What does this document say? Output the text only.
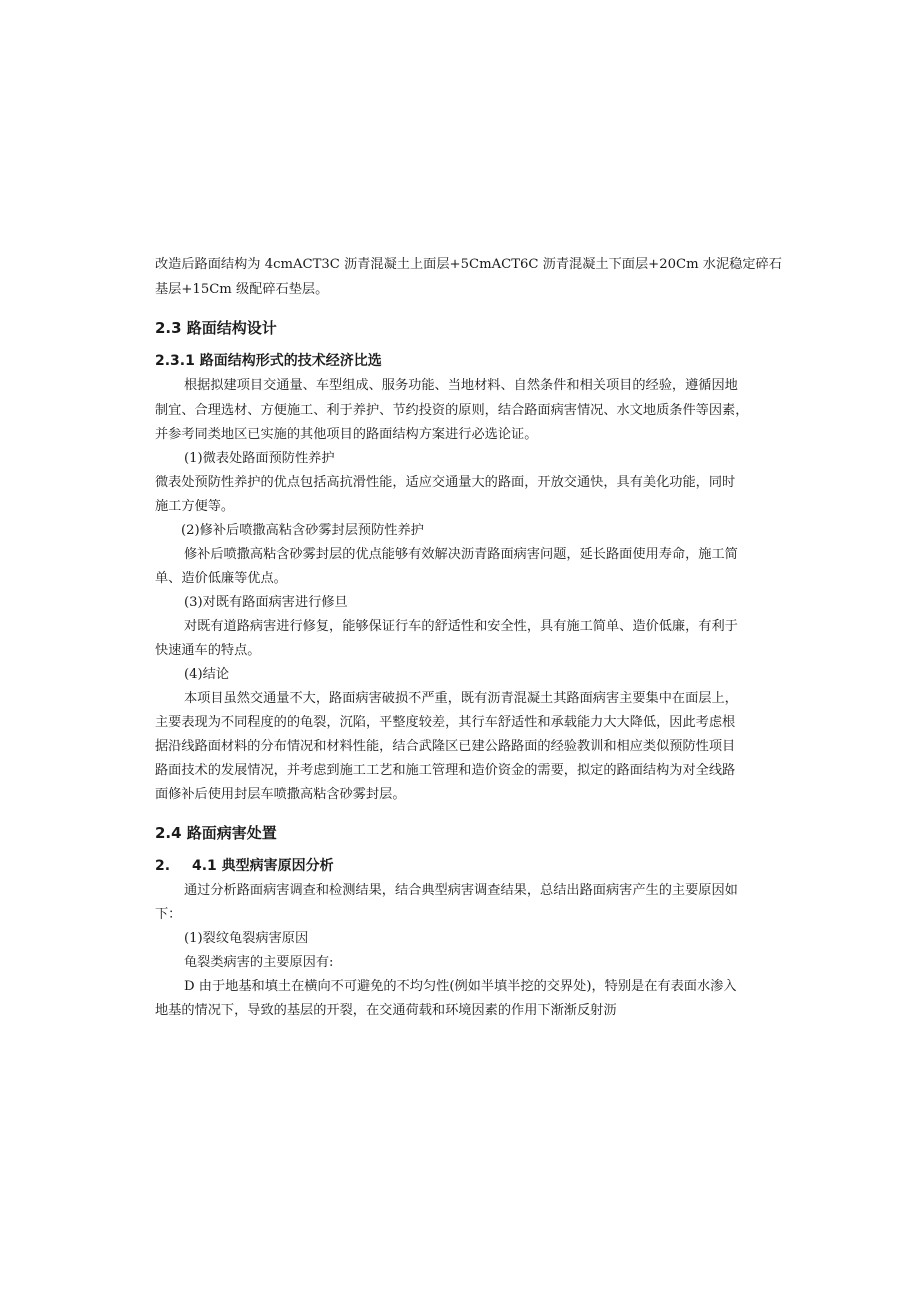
改造后路面结构为 4cmACT3C 沥青混凝土上面层+5CmACT6C 沥青混凝土下面层+20Cm 水泥稳定碎石
基层+15Cm 级配碎石垫层。
2.3 路面结构设计
2.3.1 路面结构形式的技术经济比选
根据拟建项目交通量、车型组成、服务功能、当地材料、自然条件和相关项目的经验，遵循因地
制宜、合理选材、方便施工、利于养护、节约投资的原则，结合路面病害情况、水文地质条件等因素，
并参考同类地区已实施的其他项目的路面结构方案进行必选论证。
(1)微表处路面预防性养护
微表处预防性养护的优点包括高抗滑性能，适应交通量大的路面，开放交通快，具有美化功能，同时
施工方便等。
(2)修补后喷撒高粘含砂雾封层预防性养护
修补后喷撒高粘含砂雾封层的优点能够有效解决沥青路面病害问题，延长路面使用寿命，施工简
单、造价低廉等优点。
(3)对既有路面病害进行修旦
对既有道路病害进行修复，能够保证行车的舒适性和安全性，具有施工简单、造价低廉，有利于
快速通车的特点。
(4)结论
本项目虽然交通量不大，路面病害破损不严重，既有沥青混凝土其路面病害主要集中在面层上，
主要表现为不同程度的的龟裂，沉陷，平整度较差，其行车舒适性和承载能力大大降低，因此考虑根
据沿线路面材料的分布情况和材料性能，结合武隆区已建公路路面的经验教训和相应类似预防性项目
路面技术的发展情况，并考虑到施工工艺和施工管理和造价资金的需要，拟定的路面结构为对全线路
面修补后使用封层车喷撒高粘含砂雾封层。
2.4 路面病害处置
2. 4.1 典型病害原因分析
通过分析路面病害调查和检测结果，结合典型病害调查结果，总结出路面病害产生的主要原因如
下：
(1)裂纹龟裂病害原因
龟裂类病害的主要原因有:
D 由于地基和填土在横向不可避免的不均匀性(例如半填半挖的交界处)，特别是在有表面水渗入
地基的情况下，导致的基层的开裂，在交通荷载和环境因素的作用下渐渐反射沥
